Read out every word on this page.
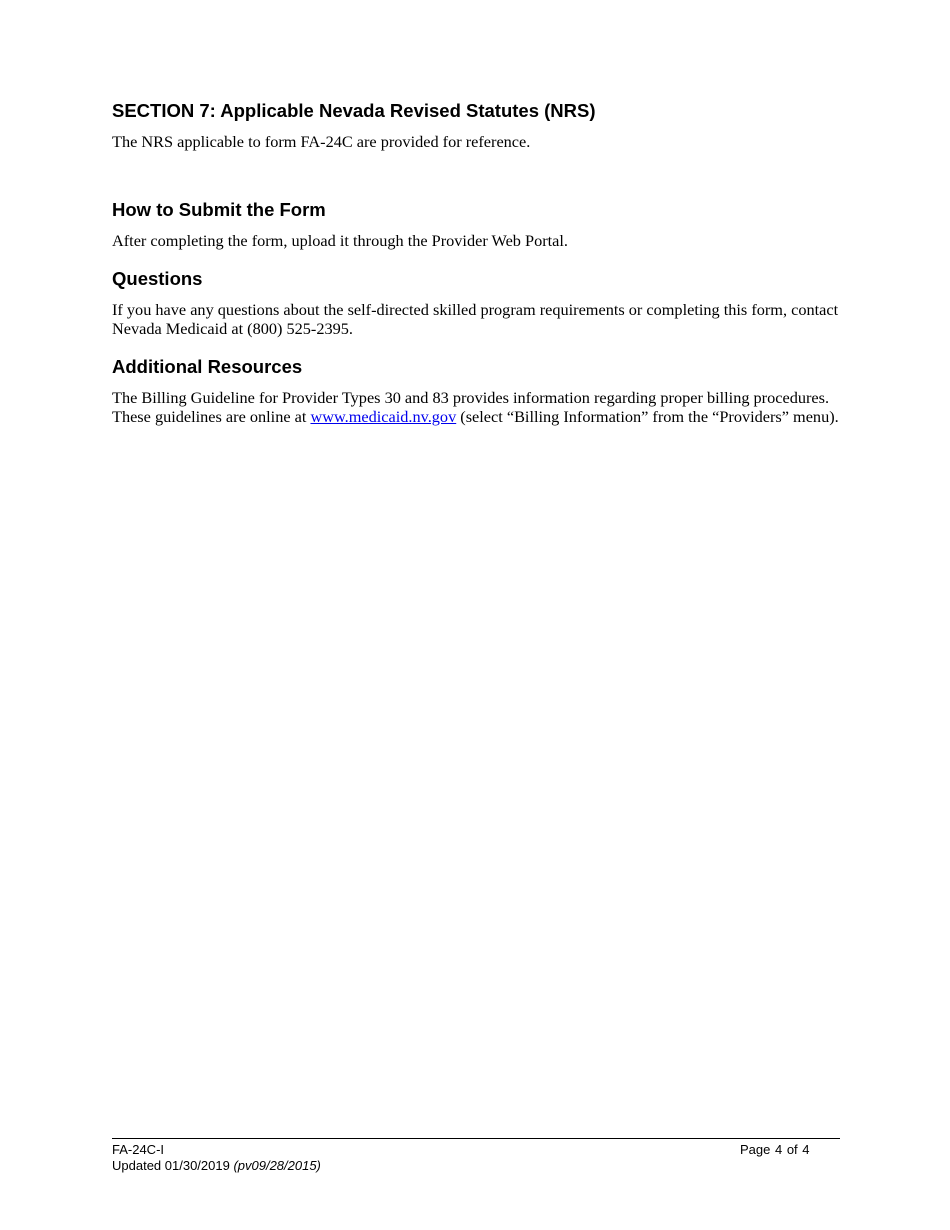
SECTION 7: Applicable Nevada Revised Statutes (NRS)

The NRS applicable to form FA-24C are provided for reference.

How to Submit the Form

After completing the form, upload it through the Provider Web Portal.

Questions

If you have any questions about the self-directed skilled program requirements or completing this form, contact Nevada Medicaid at (800) 525-2395.

Additional Resources

The Billing Guideline for Provider Types 30 and 83 provides information regarding proper billing procedures. These guidelines are online at www.medicaid.nv.gov (select “Billing Information” from the “Providers” menu).

FA-24C-I
Updated 01/30/2019 (pv09/28/2015)
Page 4 of 4
